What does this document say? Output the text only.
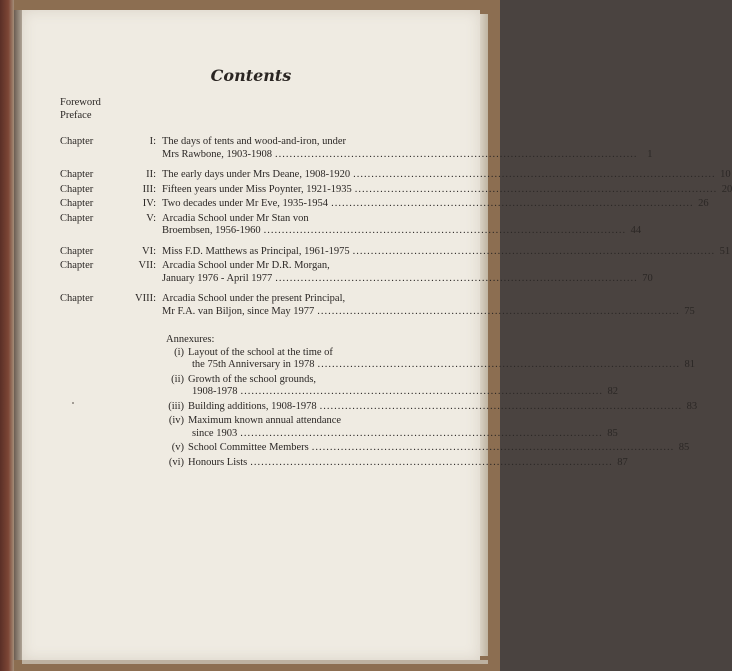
Contents
Foreword
Preface
Chapter	I: The days of tents and wood-and-iron, under
Mrs Rawbone, 1903-1908 .................................................................................................... 1
Chapter	II: The early days under Mrs Deane, 1908-1920 .................................................................................................... 10
Chapter	III: Fifteen years under Miss Poynter, 1921-1935 .................................................................................................... 20
Chapter	IV: Two decades under Mr Eve, 1935-1954 .................................................................................................... 26
Chapter	V: Arcadia School under Mr Stan von
Broembsen, 1956-1960 .................................................................................................... 44
Chapter	VI: Miss F.D. Matthews as Principal, 1961-1975 .................................................................................................... 51
Chapter	VII: Arcadia School under Mr D.R. Morgan,
January 1976 - April 1977 .................................................................................................... 70
Chapter	VIII: Arcadia School under the present Principal,
Mr F.A. van Biljon, since May 1977 .................................................................................................... 75
Annexures:
(i) Layout of the school at the time of
the 75th Anniversary in 1978 .................................................................................................... 81
(ii) Growth of the school grounds,
1908-1978 .................................................................................................... 82
(iii) Building additions, 1908-1978 .................................................................................................... 83
(iv) Maximum known annual attendance
since 1903 .................................................................................................... 85
(v) School Committee Members .................................................................................................... 85
(vi) Honours Lists .................................................................................................... 87
